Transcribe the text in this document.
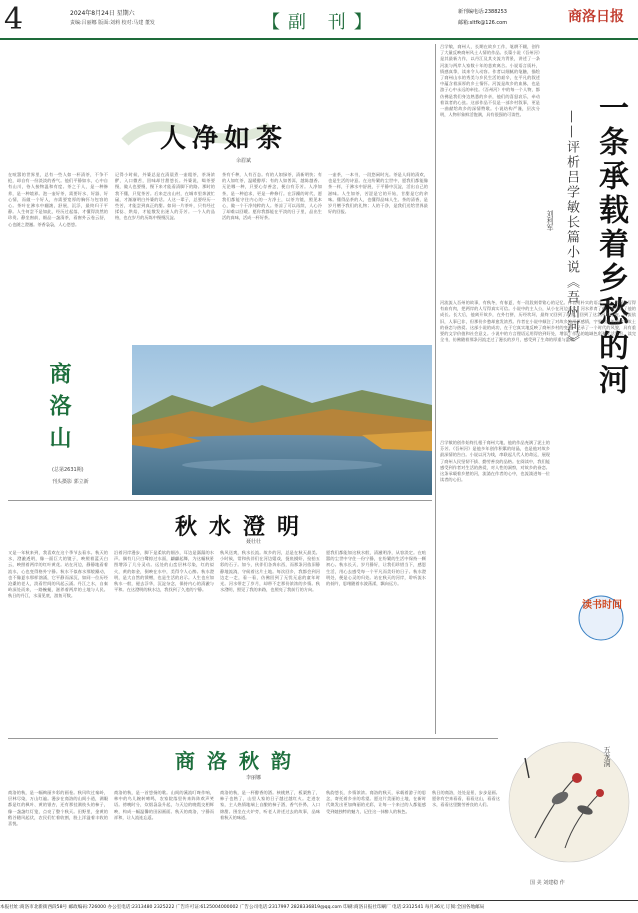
4	2024年8月24日 星期六
责编:吕丽娜 版面:刘莉 校对:马建 董发	【副 刊】	新刊编电话:2388253
邮箱:sltfk@126.com	商洛日报
人净如茶
余眉斌
在喧嚣的世界里，总有一些人如一杯清茶，不争不抢，却自有一份淡淡的香气。他们平静如水，心中自有山川，待人接物温和有度。茶之于人，是一种修养，是一种境界。泡一壶好茶，需要好水、好器、好心情，而做一个好人，亦需要宽厚的胸怀与包容的心。茶叶在沸水中翻滚，舒展，沉浮，最终归于平静。人生何尝不是如此，经历过起落，才懂得淡然的珍贵。静坐窗前，细品一盏清茶，看窗外云卷云舒，心也随之澄澈。茶香袅袅，人心悠悠。
记得小时候，外婆总是在清晨煮一壶粗茶，茶汤浓酽，入口微苦，回味却甘甜悠长。外婆说，喝茶要慢，做人也要慢，慢下来才能看清脚下的路。那时的我不懂，只觉茶苦。后来走出山村，在城市里奔波忙碌，才渐渐明白外婆的话。人这一辈子，总要经历一些苦，才能尝到真正的甜。如同一片茶叶，只有经过揉捻、烘焙，才能散发出迷人的芬芳。一个人的品格，也在岁月的历练中慢慢沉淀。
茶有千种，人有百态。有的人如绿茶，清新明快；有的人如红茶，温暖醇厚；有的人如普洱，越陈越香。无论哪一种，只要心存善念，便自有芬芳。人净如茶，是一种追求，更是一种修行。在浮躁的时代，愿我们都能守住内心的一方净土，以茶为镜，照见本心，做一个干净纯粹的人。茶凉了可以再续，人心冷了却难以回暖。愿你我都能在平淡的日子里，品出生活的真味，活成一杯好茶。
一壶茶，一本书，一段悠闲时光。茶是人间的清欢，也是生活的诗意。在这纷繁的尘世中，愿我们都能像茶一样，于沸水中舒展，于平静中沉淀，活出自己的滋味。人生如茶，苦涩是它的开始，甘甜是它的余味。懂得品茶的人，也懂得品味人生。茶的清香，是岁月赠予我们的礼物；人的干净，是我们送给世界最好的回报。	一条承载着乡愁的河
——评析吕学敏长篇小说《吾州河》
刘利军
吕学敏，商州人，长期在故乡工作，笔耕不辍，创作了大量反映商州风土人情的作品。长篇小说《吾州河》是其最新力作，以丹江及其支流为背景，讲述了一条河流与两岸人家数十年的悲欢离合。小说语言质朴，情感真挚，读来令人动容。作者以细腻的笔触，描绘了商州山水的秀美与乡民生活的艰辛，在平凡的叙述中蕴含着深厚的乡土情怀。河流是故乡的血脉，也是游子心中永远的牵挂。《吾州河》中的每一个人物，都仿佛是我们身边熟悉的乡亲，他们的喜怒哀乐，牵动着读者的心弦。这部作品不仅是一部乡村叙事，更是一曲献给故乡的深情赞歌。小说结构严谨，层次分明，人物形象鲜活饱满，具有很强的可读性。
河流流入吾州的故事，有秋冬，有春夏，有一段段刻骨铭心的记忆。作者用朴实的语言，把一条河流写得有血有肉，把两岸的人写得真实可信。小说中的主人公，从小在河边长大，河水养育了他，也见证了他的成长。长大后，他离开故乡，在外打拼，历经坎坷，最终又回到了故乡，回到了这条河的怀抱。河流依旧，人事已非，但那份乡愁却愈发浓烈。作者在小说中倾注了对故乡的深厚感情，字里行间流露出对故土的眷恋与热爱。这部小说的成功，在于它真实地反映了商州乡村的变迁，记录了一个时代的风貌，具有重要的文学价值和社会意义。小说中的方言俚语运用得恰到好处，增添了作品的地域色彩和生活气息。读完全书，仿佛随着那条河流走过了漫长的岁月，感受到了生命的厚重与温暖。
吕学敏的创作始终扎根于商州大地，他的作品充满了泥土的芬芳。《吾州河》是他多年创作积累的结晶，也是他对故乡最深情的告白。小说以河为线，串联起几代人的命运，展现了商州人民坚韧不拔、勤劳善良的品格。在阅读中，我们能感受到作者对生活的热爱，对人性的洞察，对故乡的眷恋。这条承载着乡愁的河，流淌在作者的心中，也流淌进每一位读者的心田。
商洛山
(总第2631期)
刊头摄影 郭立新
秋水澄明
聂壮壮
又是一年秋来到，我喜欢在这个季节去看水。秋天的水，澄澈透明，像一面巨大的镜子，映照着蓝天白云，映照着两岸的红叶黄花。站在河边，静静地看着流水，心也变得格外宁静。秋水不似春水那般躁动，也不像夏水那样汹涌，它平静而深沉，如同一位历经沧桑的老人，淡看世间的风起云涌。丹江之水，自秦岭深处而来，一路蜿蜒，滋养着两岸的土地与人民。秋日的丹江，水清见底，游鱼可数。
沿着河岸漫步，脚下是柔软的细沙，耳边是潺潺的水声。偶有几只白鹭掠过水面，翩翩起舞，为这幅秋景图增添了几分灵动。远处的山峦层林尽染，红的似火，黄的如金，倒映在水中，美得令人心醉。秋水澄明，是大自然的馈赠，也是生活的启示。人生也应如秋水一般，褪去浮华，沉淀杂念，保持内心的清澈与平和。在这澄明的秋水边，我找到了久违的宁静。
秋风送爽，秋水长流。故乡的河，总是在秋天最美。小时候，常和伙伴们在河边嬉戏，捉鱼摸虾，捡拾五彩的石子。如今，伙伴们各奔东西，而那条河依旧静静地流淌，守候着这片土地。每次回乡，我都会到河边走一走，看一看，仿佛回到了无忧无虑的童年时光。河水带走了岁月，却带不走那份浓浓的乡情。秋水澄明，照见了我的来路，也照亮了我前行的方向。
愿我们都能如这秋水般，清澈明净，从容淡定。在喧嚣的尘世中守住一份宁静，在纷繁的生活中保持一颗初心。秋水长天，岁月静好，让我们珍惜当下，感恩生活，用心去感受每一个平凡而美好的日子。秋水澄明处，便是心灵的归处。站在秋天的河岸，聆听流水的低吟，思绪随着水波荡漾，飘向远方。
读书时间
五龙洞
国 美 刘建稳 作
商洛秋韵
李丽娜
商洛的秋，是一幅绚丽多彩的画卷。秋风吹过秦岭，层林尽染，万山红遍。漫步在商洛的山间小道，满眼都是红的枫叶、黄的银杏，还有那挂满枝头的柿子，像一盏盏红灯笼，点亮了整个秋天。田野里，金黄的稻谷随风起伏，农民们忙着收割，脸上洋溢着丰收的喜悦。
商洛的秋，是一首悠扬的歌。山间的溪流叮咚作响，林中的鸟儿婉转啼鸣，农家院落里传来阵阵欢声笑语。傍晚时分，炊烟袅袅升起，与天边的晚霞交相辉映，构成一幅温馨的田园画面。秋天的商洛，宁静而祥和，让人流连忘返。
商洛的秋，是一杯醇香的酒。核桃熟了，板栗熟了，柿子也熟了，山里人家的日子越过越红火。走进农家，主人热情地端上自酿的柿子酒，香气扑鼻，入口绵甜。围坐在火炉旁，听老人讲述过去的故事，品味着秋天的味道。
秋韵悠长，乡情浓浓。商洛的秋天，承载着游子的思念，寄托着乡亲的希望。愿这片美丽的土地，在新时代焕发出更加绚丽的光彩，让每一个来过的人都能感受到她独特的魅力，记住这一抹醉人的秋色。
秋日的商洛，处处是景，步步是画。愿你有空来看看，看看这山，看看这水，看看这里勤劳善良的人们。
本报社址:商洛市北新街西段58号 邮政编码:726000 办公室电话:2313480 2325222 广告许可证:6125004000002 广告公司电话:2317997 2828336819@qq.com 印刷:商洛日报社印刷厂 电话:2312541 每月36元 订阅:全国各地邮局
